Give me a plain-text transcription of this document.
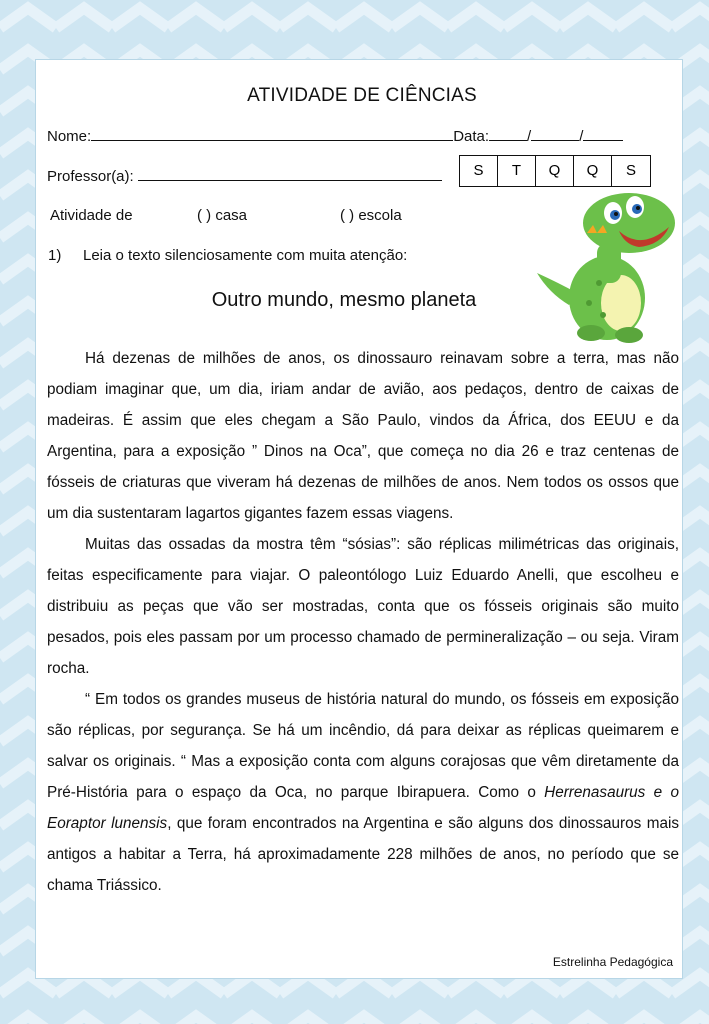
ATIVIDADE DE CIÊNCIAS
Nome:	Data:	/	/
Professor(a):	S	T	Q	Q	S
Atividade de	( ) casa	( ) escola
1) Leia o texto silenciosamente com muita atenção:
Outro mundo, mesmo planeta

Há dezenas de milhões de anos, os dinossauro reinavam sobre a terra, mas não podiam imaginar que, um dia, iriam andar de avião, aos pedaços, dentro de caixas de madeiras. É assim que eles chegam a São Paulo, vindos da África, dos EEUU e da Argentina, para a exposição ” Dinos na Oca”, que começa no dia 26 e traz centenas de fósseis de criaturas que viveram há dezenas de milhões de anos. Nem todos os ossos que um dia sustentaram lagartos gigantes fazem essas viagens.

Muitas das ossadas da mostra têm “sósias”: são réplicas milimétricas das originais, feitas especificamente para viajar. O paleontólogo Luiz Eduardo Anelli, que escolheu e distribuiu as peças que vão ser mostradas, conta que os fósseis originais são muito pesados, pois eles passam por um processo chamado de permineralização – ou seja. Viram rocha.

“ Em todos os grandes museus de história natural do mundo, os fósseis em exposição são réplicas, por segurança. Se há um incêndio, dá para deixar as réplicas queimarem e salvar os originais. “ Mas a exposição conta com alguns corajosas que vêm diretamente da Pré-História para o espaço da Oca, no parque Ibirapuera. Como o Herrenasaurus e o Eoraptor lunensis, que foram encontrados na Argentina e são alguns dos dinossauros mais antigos a habitar a Terra, há aproximadamente 228 milhões de anos, no período que se chama Triássico.

Estrelinha Pedagógica
